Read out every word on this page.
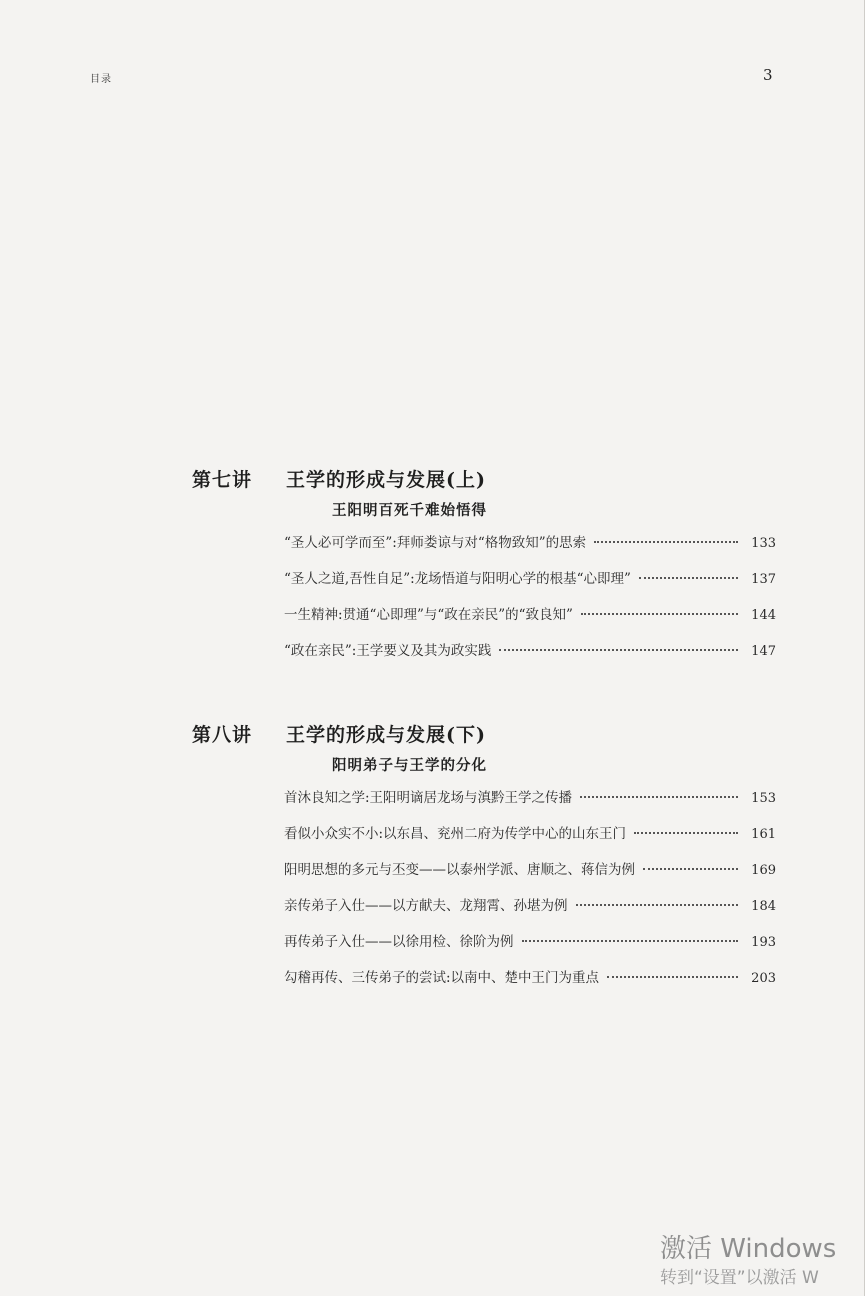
目录	3
第七讲	王学的形成与发展(上)
王阳明百死千难始悟得
“圣人必可学而至”:拜师娄谅与对“格物致知”的思索	133
“圣人之道,吾性自足”:龙场悟道与阳明心学的根基“心即理”	137
一生精神:贯通“心即理”与“政在亲民”的“致良知”	144
“政在亲民”:王学要义及其为政实践	147
第八讲	王学的形成与发展(下)
阳明弟子与王学的分化
首沐良知之学:王阳明谪居龙场与滇黔王学之传播	153
看似小众实不小:以东昌、兖州二府为传学中心的山东王门	161
阳明思想的多元与丕变——以泰州学派、唐顺之、蒋信为例	169
亲传弟子入仕——以方献夫、龙翔霄、孙堪为例	184
再传弟子入仕——以徐用检、徐阶为例	193
勾稽再传、三传弟子的尝试:以南中、楚中王门为重点	203
激活 Windows
转到“设置”以激活 W
